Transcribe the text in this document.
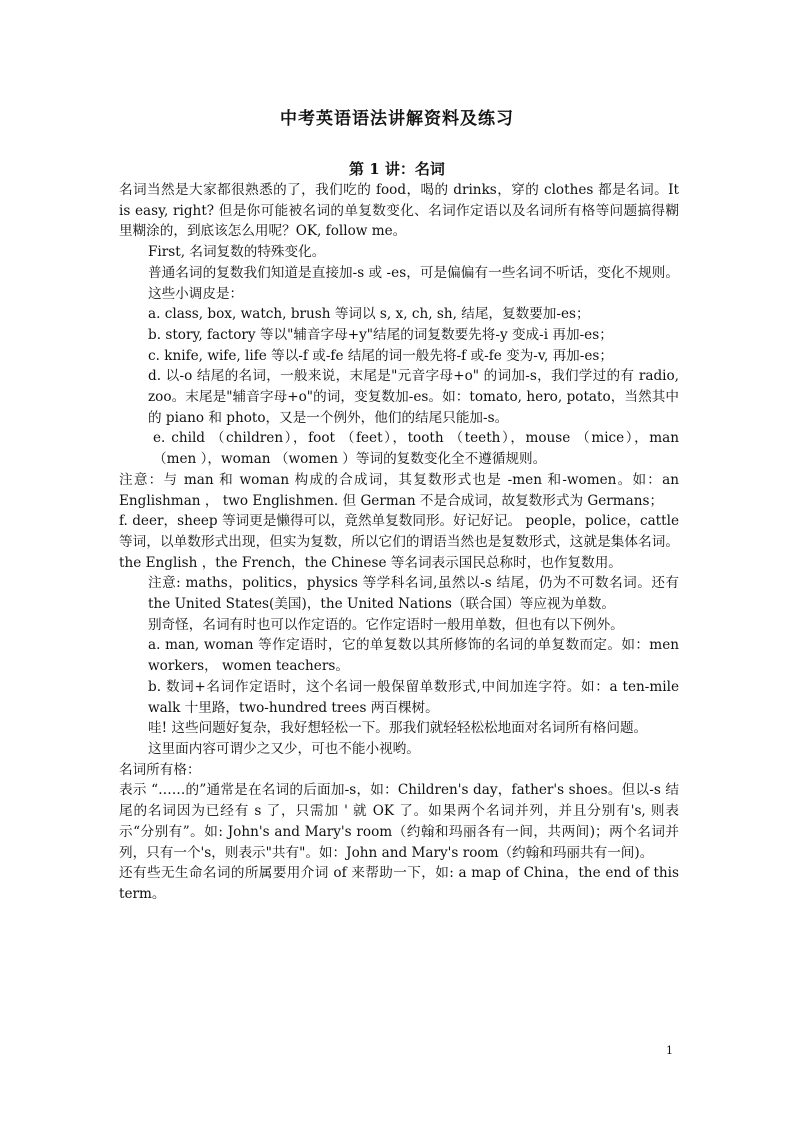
中考英语语法讲解资料及练习
第 1 讲：名词

名词当然是大家都很熟悉的了，我们吃的 food，喝的 drinks，穿的 clothes 都是名词。It is easy, right? 但是你可能被名词的单复数变化、名词作定语以及名词所有格等问题搞得糊里糊涂的，到底该怎么用呢？OK, follow me。

First, 名词复数的特殊变化。

普通名词的复数我们知道是直接加-s 或 -es，可是偏偏有一些名词不听话，变化不规则。这些小调皮是：

a. class, box, watch, brush 等词以 s, x, ch, sh, 结尾，复数要加-es；

b. story, factory 等以"辅音字母+y"结尾的词复数要先将-y 变成-i 再加-es；

c. knife, wife, life 等以-f 或-fe 结尾的词一般先将-f 或-fe 变为-v, 再加-es；

d. 以-o 结尾的名词，一般来说，末尾是"元音字母+o" 的词加-s，我们学过的有 radio, zoo。末尾是"辅音字母+o"的词，变复数加-es。如：tomato, hero, potato，当然其中的 piano 和 photo，又是一个例外，他们的结尾只能加-s。

e. child （children），foot （feet），tooth （teeth），mouse （mice），man （men ），woman （women ）等词的复数变化全不遵循规则。

注意：与 man 和 woman 构成的合成词，其复数形式也是 -men 和-women。如：an Englishman ， two Englishmen. 但 German 不是合成词，故复数形式为 Germans；

f. deer，sheep 等词更是懒得可以，竟然单复数同形。好记好记。 people，police，cattle 等词，以单数形式出现，但实为复数，所以它们的谓语当然也是复数形式，这就是集体名词。the English ，the French，the Chinese 等名词表示国民总称时，也作复数用。

注意: maths，politics，physics 等学科名词,虽然以-s 结尾，仍为不可数名词。还有 the United States(美国)，the United Nations（联合国）等应视为单数。

别奇怪，名词有时也可以作定语的。它作定语时一般用单数，但也有以下例外。

a. man, woman 等作定语时，它的单复数以其所修饰的名词的单复数而定。如：men workers， women teachers。

b. 数词+名词作定语时，这个名词一般保留单数形式,中间加连字符。如：a ten-mile walk 十里路，two-hundred trees 两百棵树。

哇! 这些问题好复杂，我好想轻松一下。那我们就轻轻松松地面对名词所有格问题。

这里面内容可谓少之又少，可也不能小视哟。

名词所有格：

表示 “……的”通常是在名词的后面加-s，如：Children's day，father's shoes。但以-s 结尾的名词因为已经有 s 了，只需加 ' 就 OK 了。如果两个名词并列，并且分别有's, 则表示“分别有”。如: John's and Mary's room（约翰和玛丽各有一间，共两间)；两个名词并列，只有一个's，则表示"共有"。如：John and Mary's room（约翰和玛丽共有一间)。

还有些无生命名词的所属要用介词 of 来帮助一下，如: a map of China，the end of this term。

1
